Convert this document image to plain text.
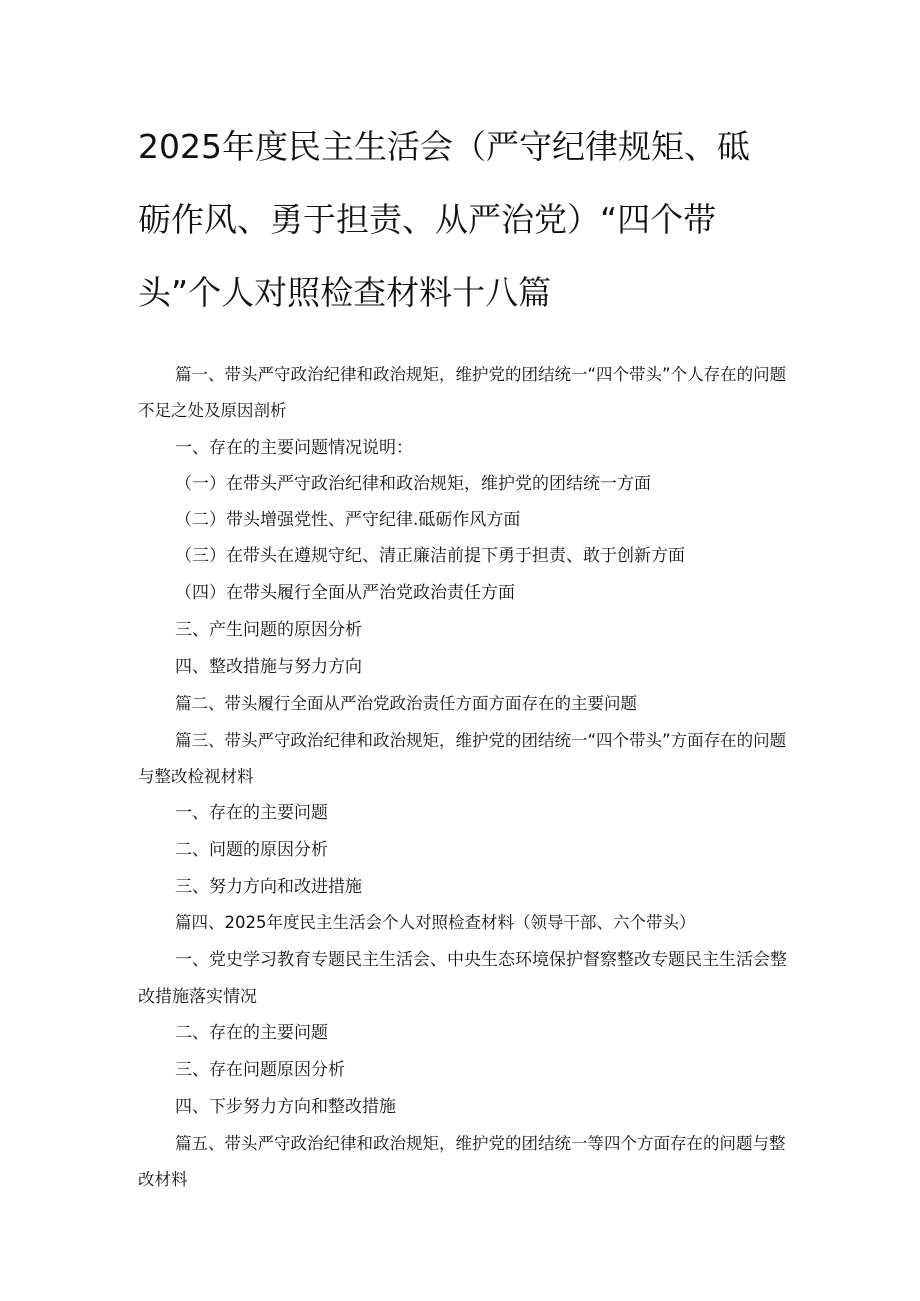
2025年度民主生活会（严守纪律规矩、砥砺作风、勇于担责、从严治党）“四个带头”个人对照检查材料十八篇

篇一、带头严守政治纪律和政治规矩，维护党的团结统一“四个带头”个人存在的问题不足之处及原因剖析

一、存在的主要问题情况说明：

（一）在带头严守政治纪律和政治规矩，维护党的团结统一方面

（二）带头增强党性、严守纪律.砥砺作风方面

（三）在带头在遵规守纪、清正廉洁前提下勇于担责、敢于创新方面

（四）在带头履行全面从严治党政治责任方面

三、产生问题的原因分析

四、整改措施与努力方向

篇二、带头履行全面从严治党政治责任方面方面存在的主要问题

篇三、带头严守政治纪律和政治规矩，维护党的团结统一“四个带头”方面存在的问题与整改检视材料

一、存在的主要问题

二、问题的原因分析

三、努力方向和改进措施

篇四、2025年度民主生活会个人对照检查材料（领导干部、六个带头）

一、党史学习教育专题民主生活会、中央生态环境保护督察整改专题民主生活会整改措施落实情况

二、存在的主要问题

三、存在问题原因分析

四、下步努力方向和整改措施

篇五、带头严守政治纪律和政治规矩，维护党的团结统一等四个方面存在的问题与整改材料
